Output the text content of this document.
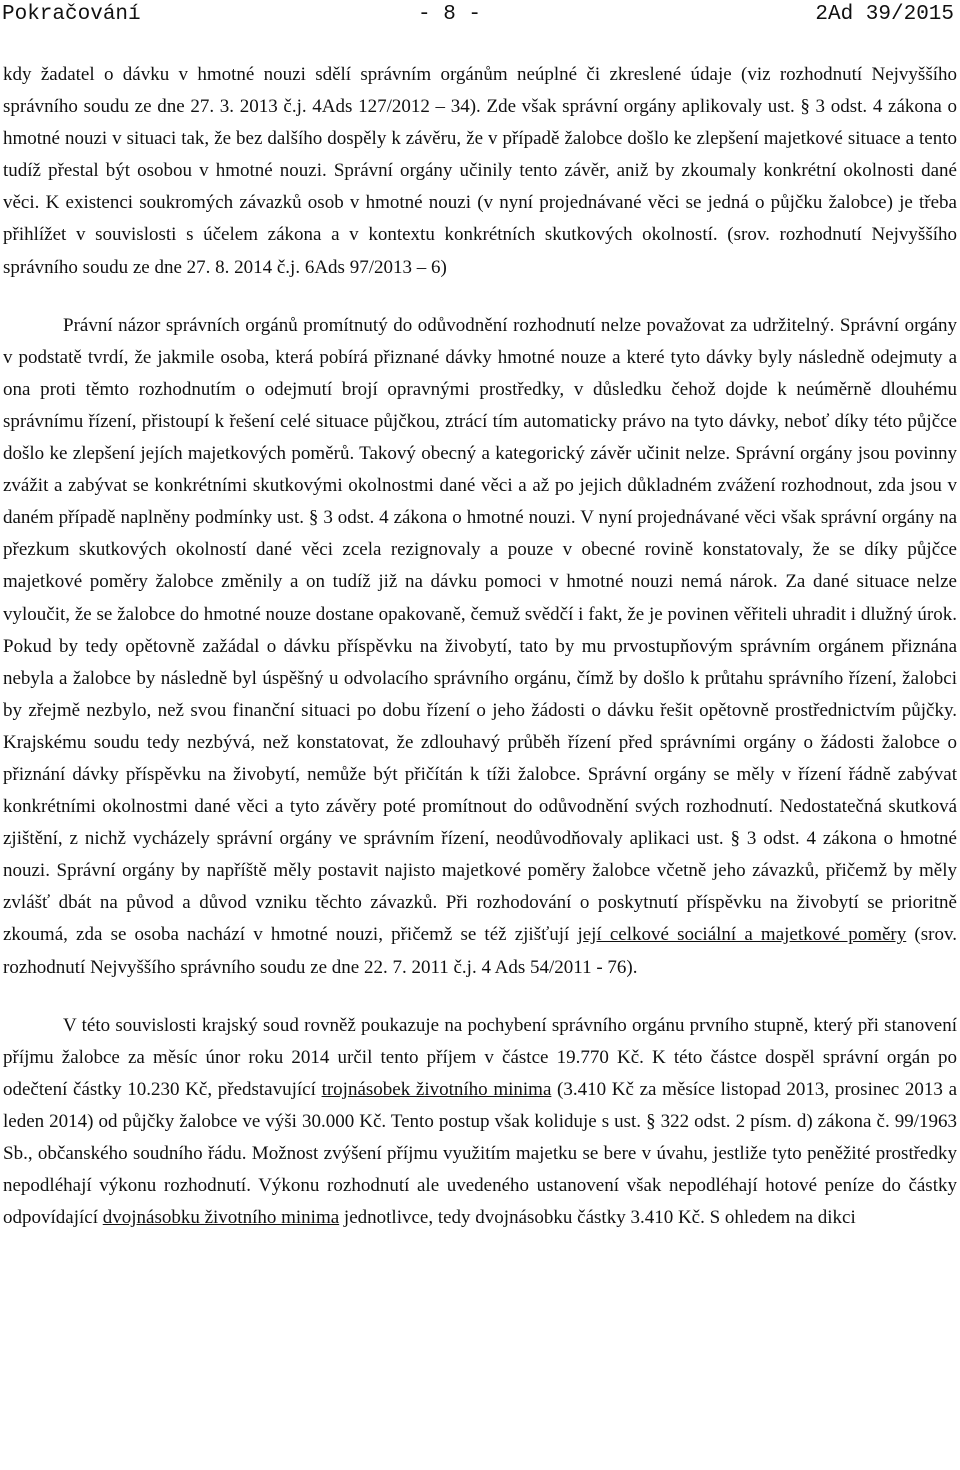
Pokračování	- 8 -	2Ad 39/2015

kdy žadatel o dávku v hmotné nouzi sdělí správním orgánům neúplné či zkreslené údaje (viz rozhodnutí Nejvyššího správního soudu ze dne 27. 3. 2013 č.j. 4Ads 127/2012 – 34). Zde však správní orgány aplikovaly ust. § 3 odst. 4 zákona o hmotné nouzi v situaci tak, že bez dalšího dospěly k závěru, že v případě žalobce došlo ke zlepšení majetkové situace a tento tudíž přestal být osobou v hmotné nouzi. Správní orgány učinily tento závěr, aniž by zkoumaly konkrétní okolnosti dané věci. K existenci soukromých závazků osob v hmotné nouzi (v nyní projednávané věci se jedná o půjčku žalobce) je třeba přihlížet v souvislosti s účelem zákona a v kontextu konkrétních skutkových okolností. (srov. rozhodnutí Nejvyššího správního soudu ze dne 27. 8. 2014 č.j. 6Ads 97/2013 – 6)

Právní názor správních orgánů promítnutý do odůvodnění rozhodnutí nelze považovat za udržitelný. Správní orgány v podstatě tvrdí, že jakmile osoba, která pobírá přiznané dávky hmotné nouze a které tyto dávky byly následně odejmuty a ona proti těmto rozhodnutím o odejmutí brojí opravnými prostředky, v důsledku čehož dojde k neúměrně dlouhému správnímu řízení, přistoupí k řešení celé situace půjčkou, ztrácí tím automaticky právo na tyto dávky, neboť díky této půjčce došlo ke zlepšení jejích majetkových poměrů. Takový obecný a kategorický závěr učinit nelze. Správní orgány jsou povinny zvážit a zabývat se konkrétními skutkovými okolnostmi dané věci a až po jejich důkladném zvážení rozhodnout, zda jsou v daném případě naplněny podmínky ust. § 3 odst. 4 zákona o hmotné nouzi. V nyní projednávané věci však správní orgány na přezkum skutkových okolností dané věci zcela rezignovaly a pouze v obecné rovině konstatovaly, že se díky půjčce majetkové poměry žalobce změnily a on tudíž již na dávku pomoci v hmotné nouzi nemá nárok. Za dané situace nelze vyloučit, že se žalobce do hmotné nouze dostane opakovaně, čemuž svědčí i fakt, že je povinen věřiteli uhradit i dlužný úrok. Pokud by tedy opětovně zažádal o dávku příspěvku na živobytí, tato by mu prvostupňovým správním orgánem přiznána nebyla a žalobce by následně byl úspěšný u odvolacího správního orgánu, čímž by došlo k průtahu správního řízení, žalobci by zřejmě nezbylo, než svou finanční situaci po dobu řízení o jeho žádosti o dávku řešit opětovně prostřednictvím půjčky. Krajskému soudu tedy nezbývá, než konstatovat, že zdlouhavý průběh řízení před správními orgány o žádosti žalobce o přiznání dávky příspěvku na živobytí, nemůže být přičítán k tíži žalobce. Správní orgány se měly v řízení řádně zabývat konkrétními okolnostmi dané věci a tyto závěry poté promítnout do odůvodnění svých rozhodnutí. Nedostatečná skutková zjištění, z nichž vycházely správní orgány ve správním řízení, neodůvodňovaly aplikaci ust. § 3 odst. 4 zákona o hmotné nouzi. Správní orgány by napříště měly postavit najisto majetkové poměry žalobce včetně jeho závazků, přičemž by měly zvlášť dbát na původ a důvod vzniku těchto závazků. Při rozhodování o poskytnutí příspěvku na živobytí se prioritně zkoumá, zda se osoba nachází v hmotné nouzi, přičemž se též zjišťují její celkové sociální a majetkové poměry (srov. rozhodnutí Nejvyššího správního soudu ze dne 22. 7. 2011 č.j. 4 Ads 54/2011 - 76).

V této souvislosti krajský soud rovněž poukazuje na pochybení správního orgánu prvního stupně, který při stanovení příjmu žalobce za měsíc únor roku 2014 určil tento příjem v částce 19.770 Kč. K této částce dospěl správní orgán po odečtení částky 10.230 Kč, představující trojnásobek životního minima (3.410 Kč za měsíce listopad 2013, prosinec 2013 a leden 2014) od půjčky žalobce ve výši 30.000 Kč. Tento postup však koliduje s ust. § 322 odst. 2 písm. d) zákona č. 99/1963 Sb., občanského soudního řádu. Možnost zvýšení příjmu využitím majetku se bere v úvahu, jestliže tyto peněžité prostředky nepodléhají výkonu rozhodnutí. Výkonu rozhodnutí ale uvedeného ustanovení však nepodléhají hotové peníze do částky odpovídající dvojnásobku životního minima jednotlivce, tedy dvojnásobku částky 3.410 Kč. S ohledem na dikci
